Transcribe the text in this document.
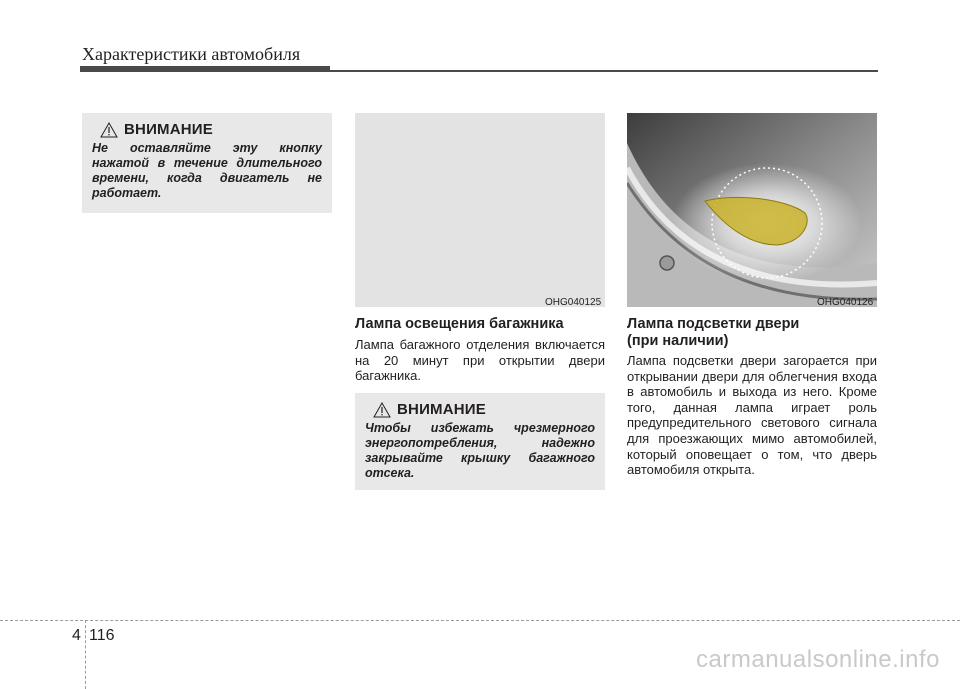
Характеристики автомобиля
ВНИМАНИЕ
Не оставляйте эту кнопку нажатой в течение длительного времени, когда двигатель не работает.
OHG040125
Лампа освещения багажника
Лампа багажного отделения включается на 20 минут при открытии двери багажника.
ВНИМАНИЕ
Чтобы избежать чрезмерного энергопотребления, надежно закрывайте крышку багажного отсека.
OHG040126
Лампа подсветки двери
(при наличии)
Лампа подсветки двери загорается при открывании двери для облегчения входа в автомобиль и выхода из него. Кроме того, данная лампа играет роль предупредительного светового сигнала для проезжающих мимо автомобилей, который оповещает о том, что дверь автомобиля открыта.
4 116
carmanualsonline.info
